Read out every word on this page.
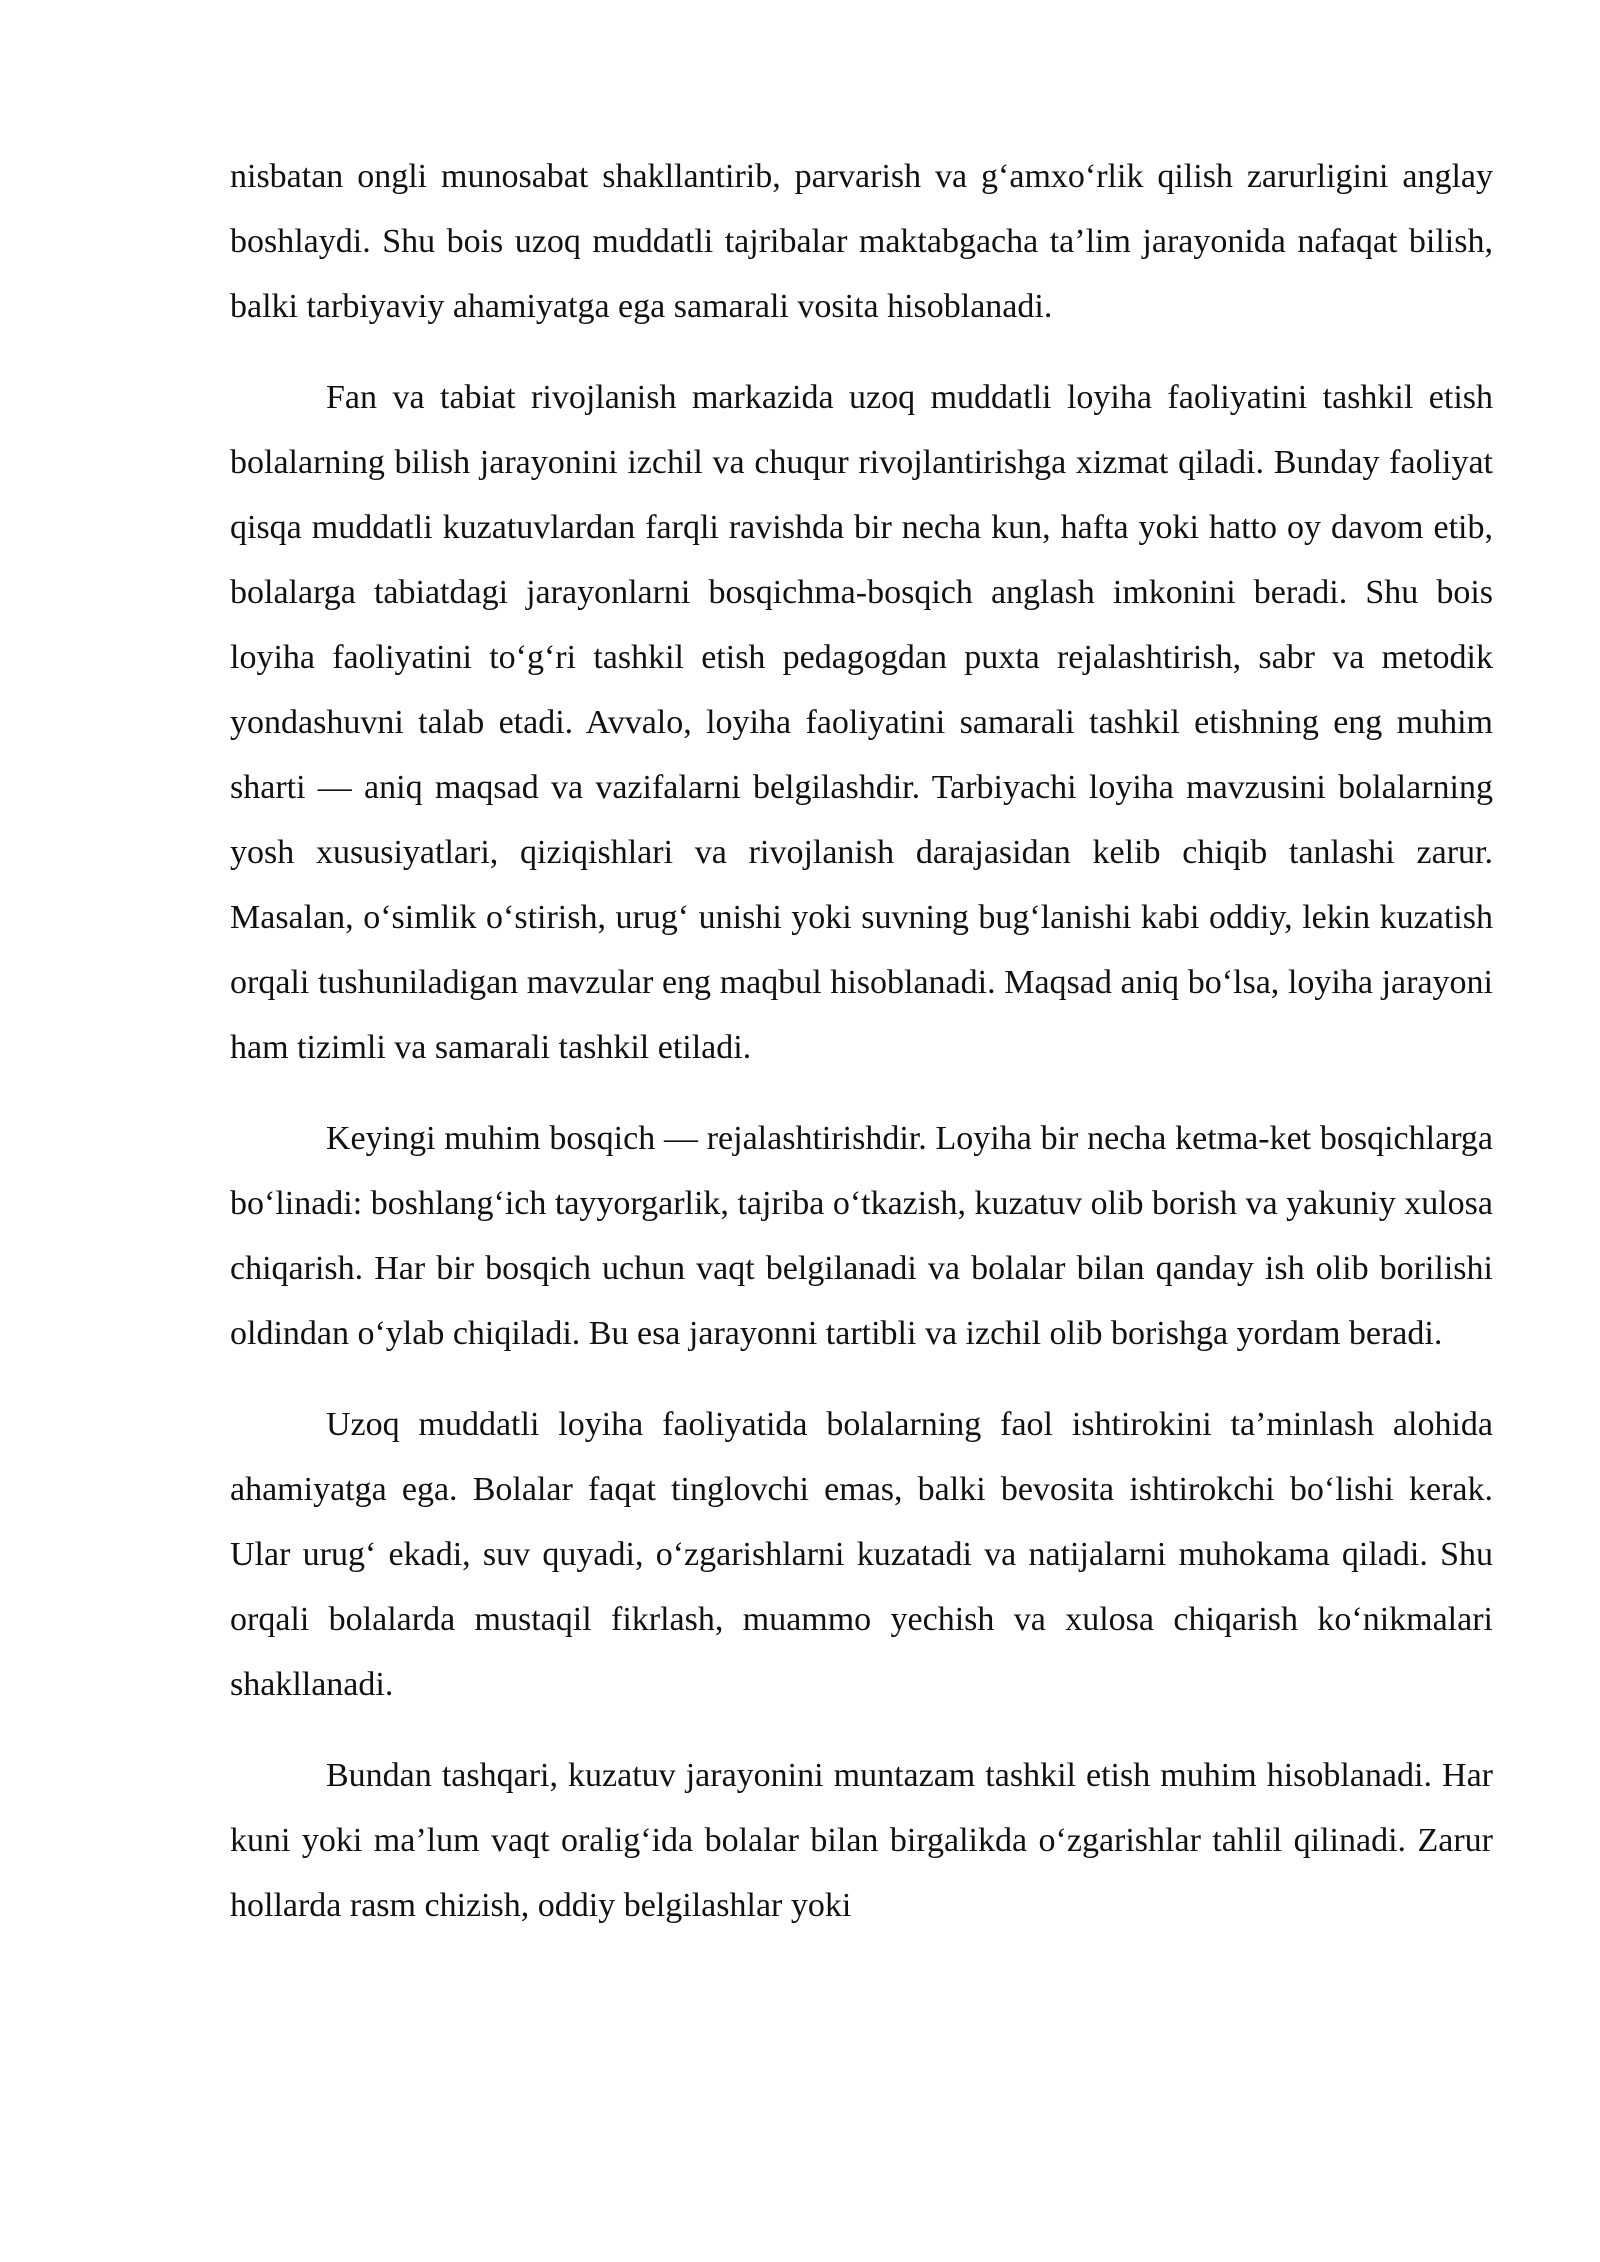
nisbatan ongli munosabat shakllantirib, parvarish va g‘amxo‘rlik qilish zarurligini anglay boshlaydi. Shu bois uzoq muddatli tajribalar maktabgacha ta’lim jarayonida nafaqat bilish, balki tarbiyaviy ahamiyatga ega samarali vosita hisoblanadi.

Fan va tabiat rivojlanish markazida uzoq muddatli loyiha faoliyatini tashkil etish bolalarning bilish jarayonini izchil va chuqur rivojlantirishga xizmat qiladi. Bunday faoliyat qisqa muddatli kuzatuvlardan farqli ravishda bir necha kun, hafta yoki hatto oy davom etib, bolalarga tabiatdagi jarayonlarni bosqichma-bosqich anglash imkonini beradi. Shu bois loyiha faoliyatini to‘g‘ri tashkil etish pedagogdan puxta rejalashtirish, sabr va metodik yondashuvni talab etadi. Avvalo, loyiha faoliyatini samarali tashkil etishning eng muhim sharti — aniq maqsad va vazifalarni belgilashdir. Tarbiyachi loyiha mavzusini bolalarning yosh xususiyatlari, qiziqishlari va rivojlanish darajasidan kelib chiqib tanlashi zarur. Masalan, o‘simlik o‘stirish, urug‘ unishi yoki suvning bug‘lanishi kabi oddiy, lekin kuzatish orqali tushuniladigan mavzular eng maqbul hisoblanadi. Maqsad aniq bo‘lsa, loyiha jarayoni ham tizimli va samarali tashkil etiladi.

Keyingi muhim bosqich — rejalashtirishdir. Loyiha bir necha ketma-ket bosqichlarga bo‘linadi: boshlang‘ich tayyorgarlik, tajriba o‘tkazish, kuzatuv olib borish va yakuniy xulosa chiqarish. Har bir bosqich uchun vaqt belgilanadi va bolalar bilan qanday ish olib borilishi oldindan o‘ylab chiqiladi. Bu esa jarayonni tartibli va izchil olib borishga yordam beradi.

Uzoq muddatli loyiha faoliyatida bolalarning faol ishtirokini ta’minlash alohida ahamiyatga ega. Bolalar faqat tinglovchi emas, balki bevosita ishtirokchi bo‘lishi kerak. Ular urug‘ ekadi, suv quyadi, o‘zgarishlarni kuzatadi va natijalarni muhokama qiladi. Shu orqali bolalarda mustaqil fikrlash, muammo yechish va xulosa chiqarish ko‘nikmalari shakllanadi.

Bundan tashqari, kuzatuv jarayonini muntazam tashkil etish muhim hisoblanadi. Har kuni yoki ma’lum vaqt oralig‘ida bolalar bilan birgalikda o‘zgarishlar tahlil qilinadi. Zarur hollarda rasm chizish, oddiy belgilashlar yoki
